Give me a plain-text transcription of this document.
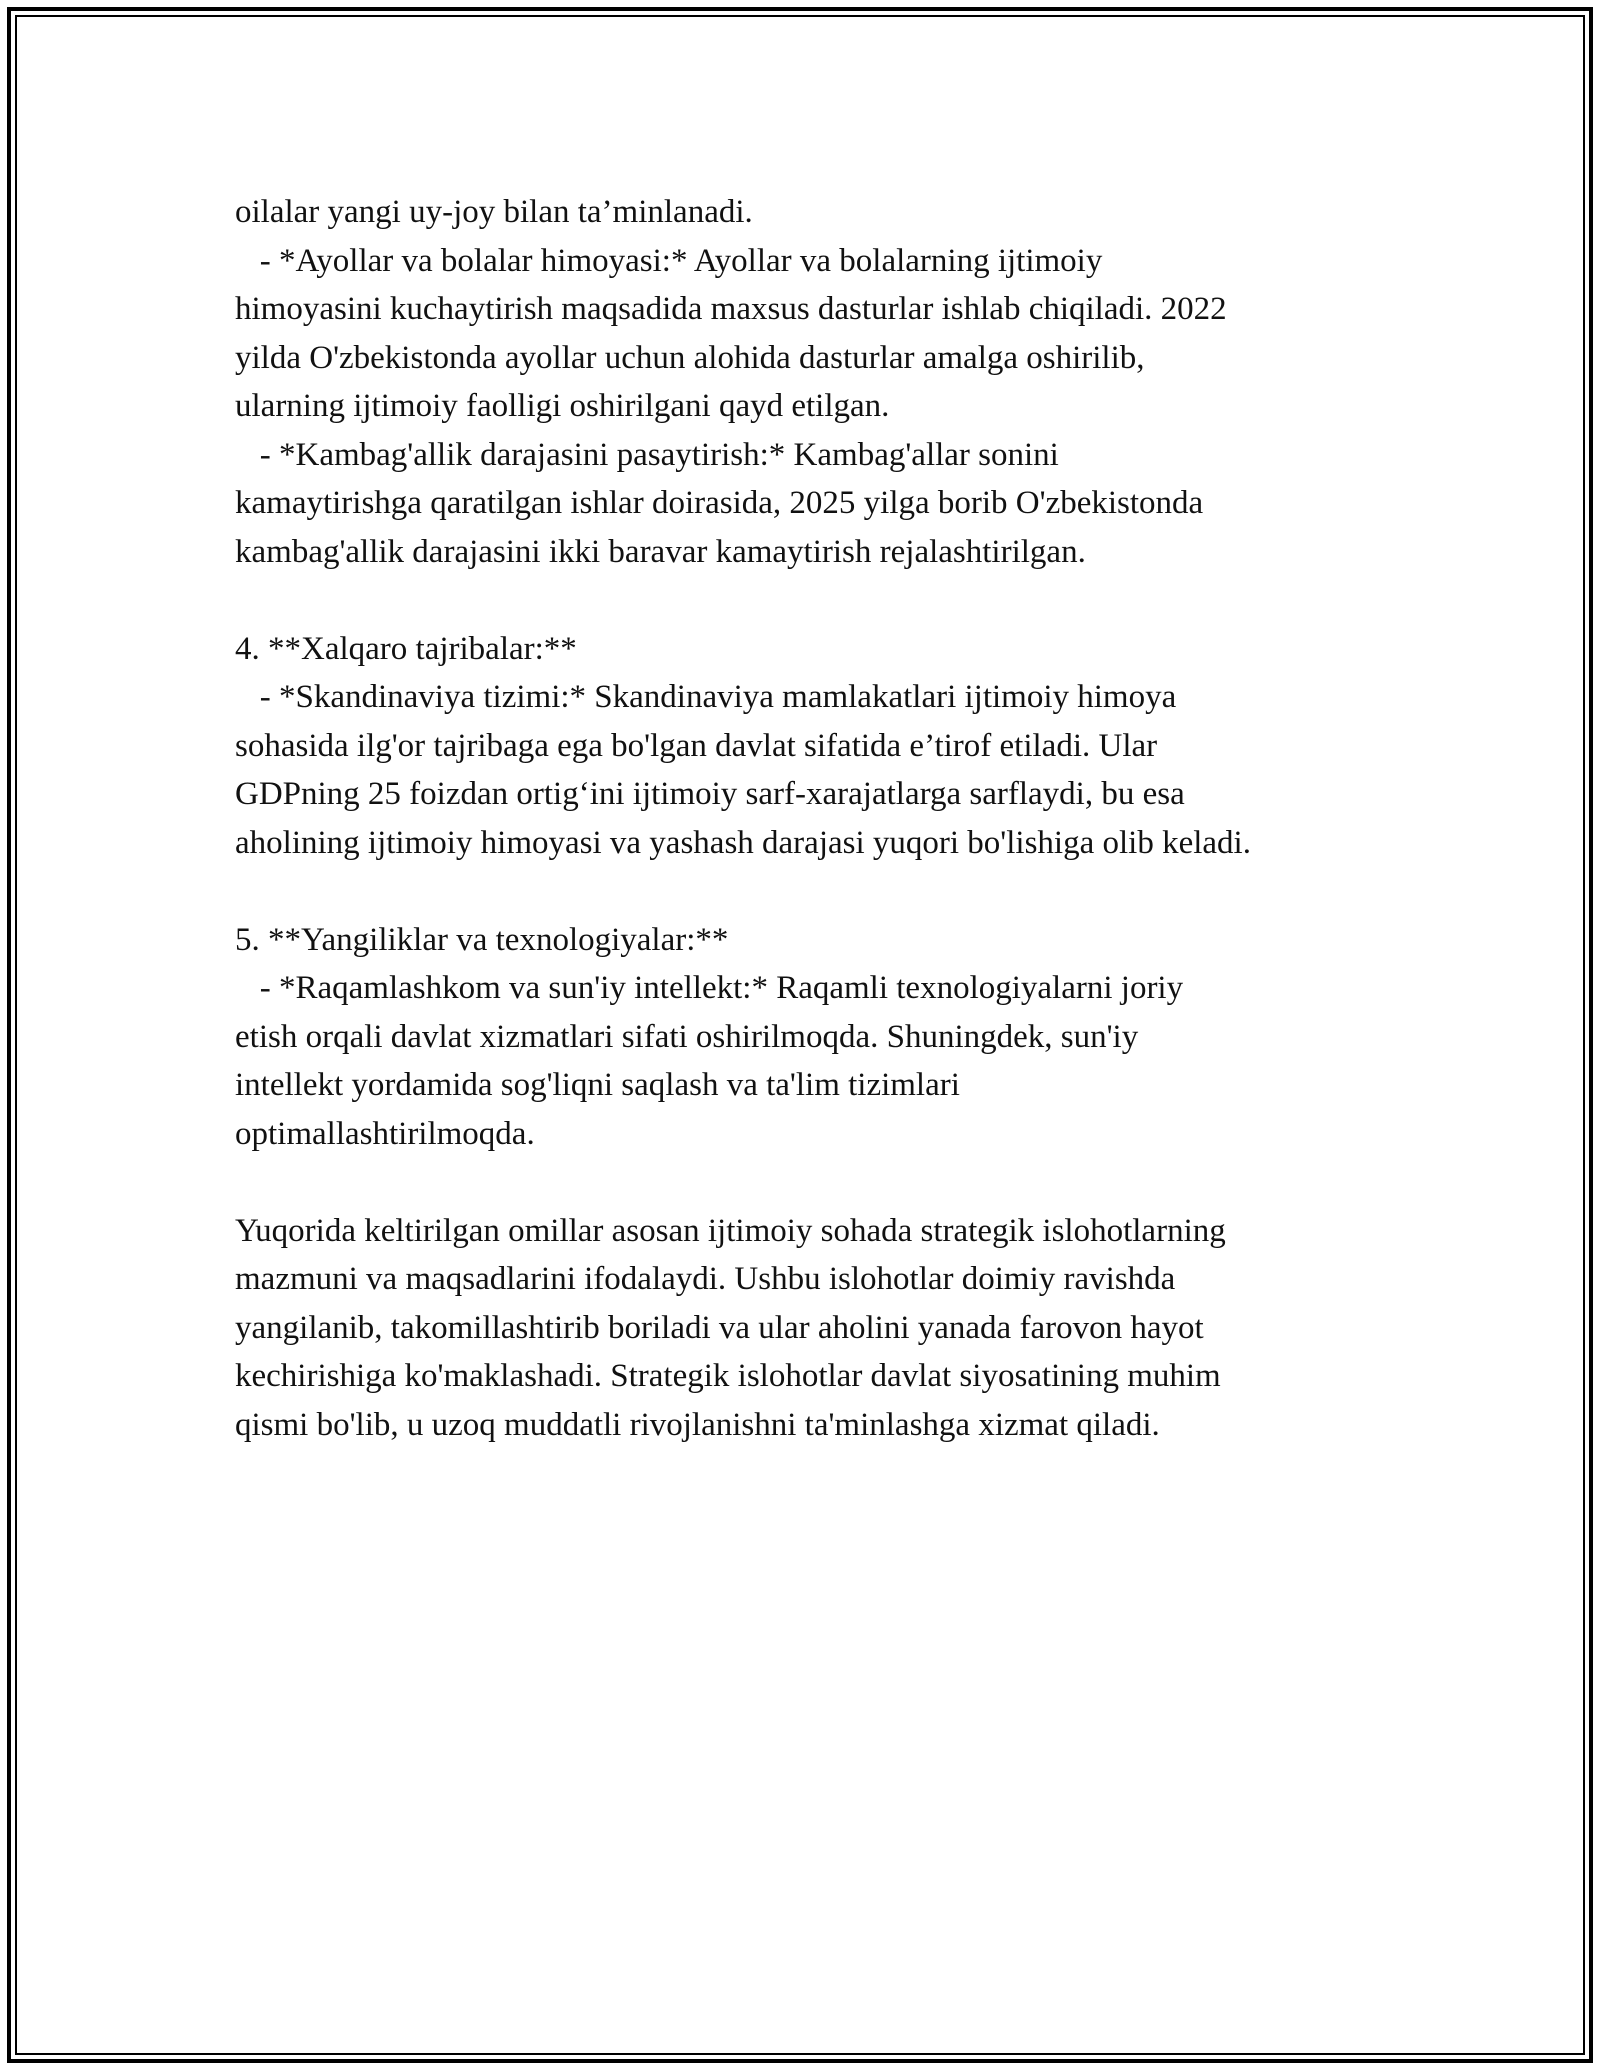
oilalar yangi uy-joy bilan ta’minlanadi.
- *Ayollar va bolalar himoyasi:* Ayollar va bolalarning ijtimoiy
himoyasini kuchaytirish maqsadida maxsus dasturlar ishlab chiqiladi. 2022
yilda O'zbekistonda ayollar uchun alohida dasturlar amalga oshirilib,
ularning ijtimoiy faolligi oshirilgani qayd etilgan.
- *Kambag'allik darajasini pasaytirish:* Kambag'allar sonini
kamaytirishga qaratilgan ishlar doirasida, 2025 yilga borib O'zbekistonda
kambag'allik darajasini ikki baravar kamaytirish rejalashtirilgan.
4. **Xalqaro tajribalar:**
- *Skandinaviya tizimi:* Skandinaviya mamlakatlari ijtimoiy himoya
sohasida ilg'or tajribaga ega bo'lgan davlat sifatida e’tirof etiladi. Ular
GDPning 25 foizdan ortig‘ini ijtimoiy sarf-xarajatlarga sarflaydi, bu esa
aholining ijtimoiy himoyasi va yashash darajasi yuqori bo'lishiga olib keladi.
5. **Yangiliklar va texnologiyalar:**
- *Raqamlashkom va sun'iy intellekt:* Raqamli texnologiyalarni joriy
etish orqali davlat xizmatlari sifati oshirilmoqda. Shuningdek, sun'iy
intellekt yordamida sog'liqni saqlash va ta'lim tizimlari
optimallashtirilmoqda.
Yuqorida keltirilgan omillar asosan ijtimoiy sohada strategik islohotlarning
mazmuni va maqsadlarini ifodalaydi. Ushbu islohotlar doimiy ravishda
yangilanib, takomillashtirib boriladi va ular aholini yanada farovon hayot
kechirishiga ko'maklashadi. Strategik islohotlar davlat siyosatining muhim
qismi bo'lib, u uzoq muddatli rivojlanishni ta'minlashga xizmat qiladi.
